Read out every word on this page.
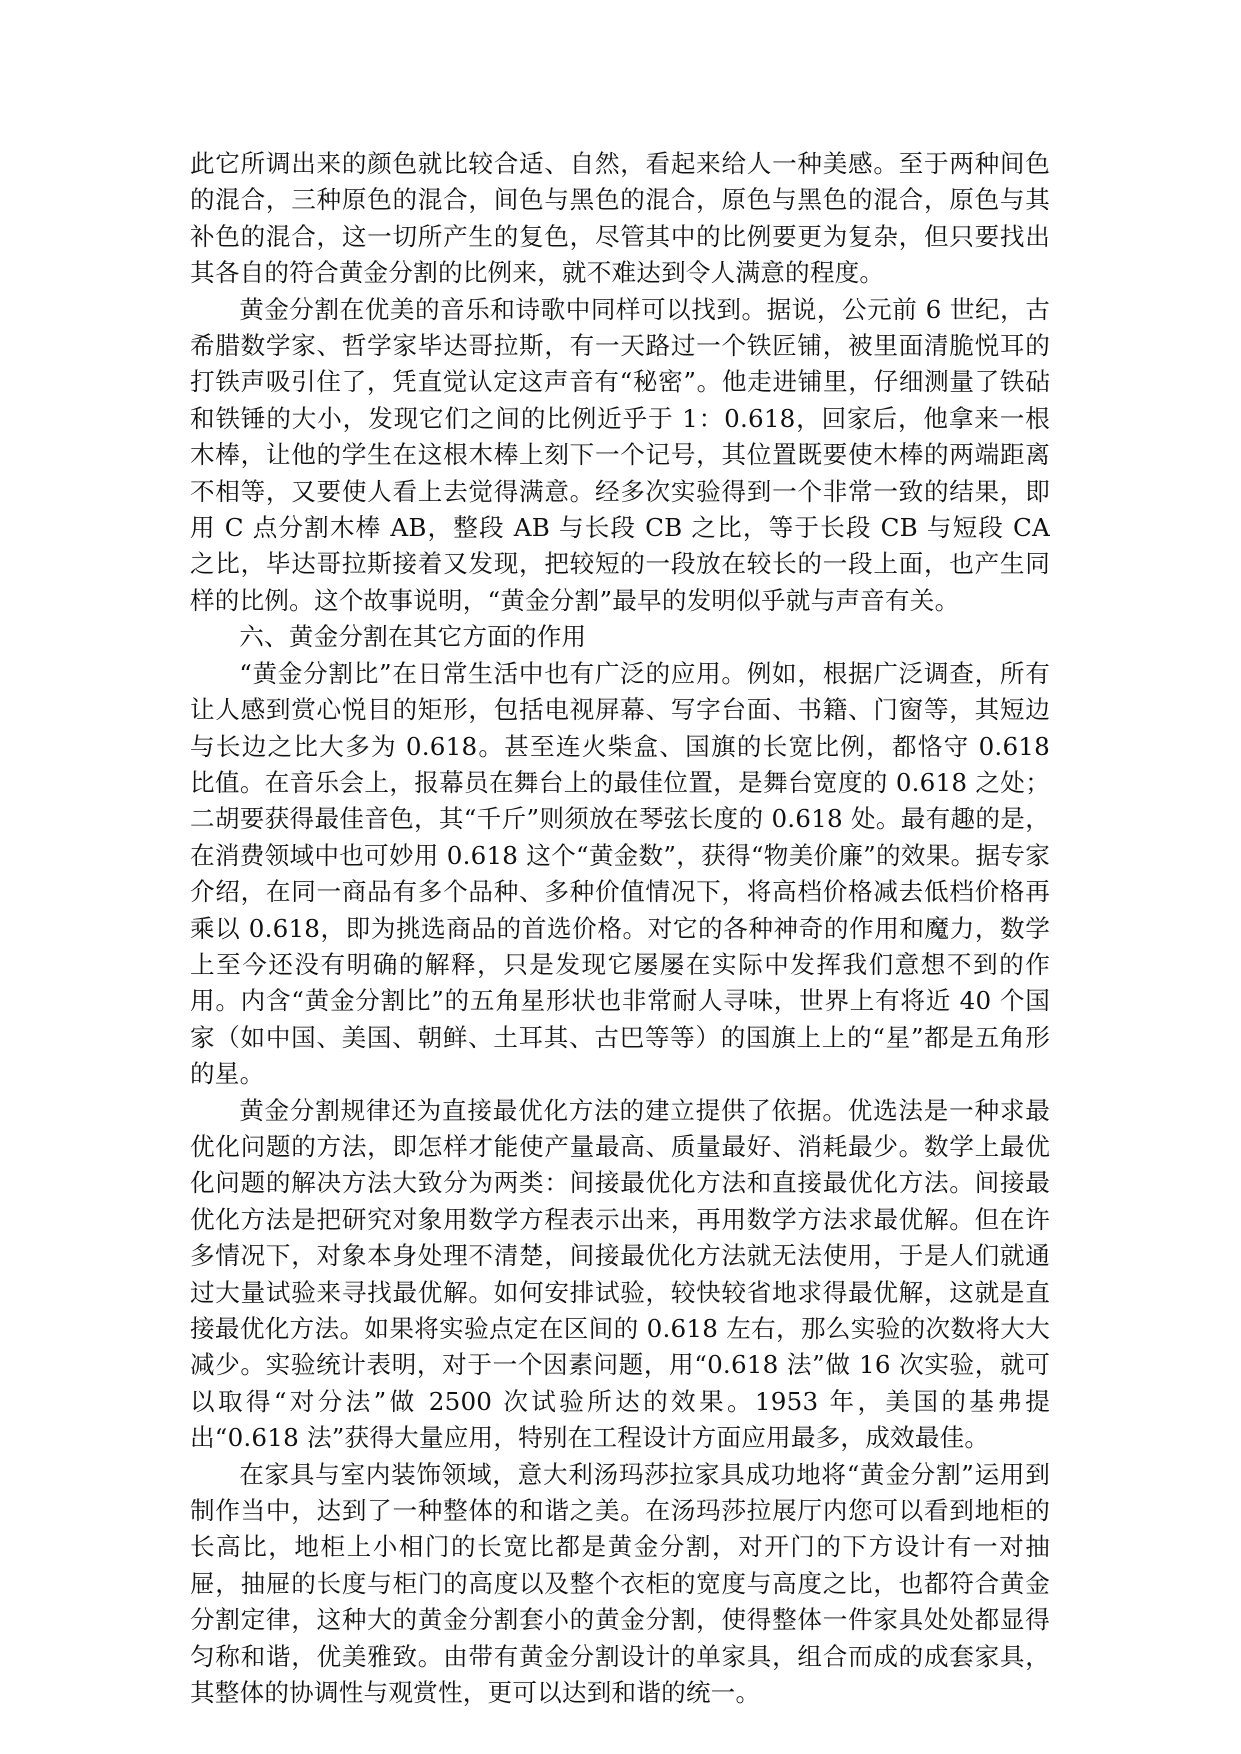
此它所调出来的颜色就比较合适、自然，看起来给人一种美感。至于两种间色的混合，三种原色的混合，间色与黑色的混合，原色与黑色的混合，原色与其补色的混合，这一切所产生的复色，尽管其中的比例要更为复杂，但只要找出其各自的符合黄金分割的比例来，就不难达到令人满意的程度。

黄金分割在优美的音乐和诗歌中同样可以找到。据说，公元前 6 世纪，古希腊数学家、哲学家毕达哥拉斯，有一天路过一个铁匠铺，被里面清脆悦耳的打铁声吸引住了，凭直觉认定这声音有“秘密”。他走进铺里，仔细测量了铁砧和铁锤的大小，发现它们之间的比例近乎于 1：0.618，回家后，他拿来一根木棒，让他的学生在这根木棒上刻下一个记号，其位置既要使木棒的两端距离不相等，又要使人看上去觉得满意。经多次实验得到一个非常一致的结果，即用 C 点分割木棒 AB，整段 AB 与长段 CB 之比，等于长段 CB 与短段 CA 之比，毕达哥拉斯接着又发现，把较短的一段放在较长的一段上面，也产生同样的比例。这个故事说明，“黄金分割”最早的发明似乎就与声音有关。

六、黄金分割在其它方面的作用

“黄金分割比”在日常生活中也有广泛的应用。例如，根据广泛调查，所有让人感到赏心悦目的矩形，包括电视屏幕、写字台面、书籍、门窗等，其短边与长边之比大多为 0.618。甚至连火柴盒、国旗的长宽比例，都恪守 0.618 比值。在音乐会上，报幕员在舞台上的最佳位置，是舞台宽度的 0.618 之处；二胡要获得最佳音色，其“千斤”则须放在琴弦长度的 0.618 处。最有趣的是，在消费领域中也可妙用 0.618 这个“黄金数”，获得“物美价廉”的效果。据专家介绍，在同一商品有多个品种、多种价值情况下，将高档价格减去低档价格再乘以 0.618，即为挑选商品的首选价格。对它的各种神奇的作用和魔力，数学上至今还没有明确的解释，只是发现它屡屡在实际中发挥我们意想不到的作用。内含“黄金分割比”的五角星形状也非常耐人寻味，世界上有将近 40 个国家（如中国、美国、朝鲜、土耳其、古巴等等）的国旗上上的“星”都是五角形的星。

黄金分割规律还为直接最优化方法的建立提供了依据。优选法是一种求最优化问题的方法，即怎样才能使产量最高、质量最好、消耗最少。数学上最优化问题的解决方法大致分为两类：间接最优化方法和直接最优化方法。间接最优化方法是把研究对象用数学方程表示出来，再用数学方法求最优解。但在许多情况下，对象本身处理不清楚，间接最优化方法就无法使用，于是人们就通过大量试验来寻找最优解。如何安排试验，较快较省地求得最优解，这就是直接最优化方法。如果将实验点定在区间的 0.618 左右，那么实验的次数将大大减少。实验统计表明，对于一个因素问题，用“0.618 法”做 16 次实验，就可以取得“对分法”做 2500 次试验所达的效果。1953 年，美国的基弗提出“0.618 法”获得大量应用，特别在工程设计方面应用最多，成效最佳。

在家具与室内装饰领域，意大利汤玛莎拉家具成功地将“黄金分割”运用到制作当中，达到了一种整体的和谐之美。在汤玛莎拉展厅内您可以看到地柜的长高比，地柜上小相门的长宽比都是黄金分割，对开门的下方设计有一对抽屉，抽屉的长度与柜门的高度以及整个衣柜的宽度与高度之比，也都符合黄金分割定律，这种大的黄金分割套小的黄金分割，使得整体一件家具处处都显得匀称和谐，优美雅致。由带有黄金分割设计的单家具，组合而成的成套家具，其整体的协调性与观赏性，更可以达到和谐的统一。
